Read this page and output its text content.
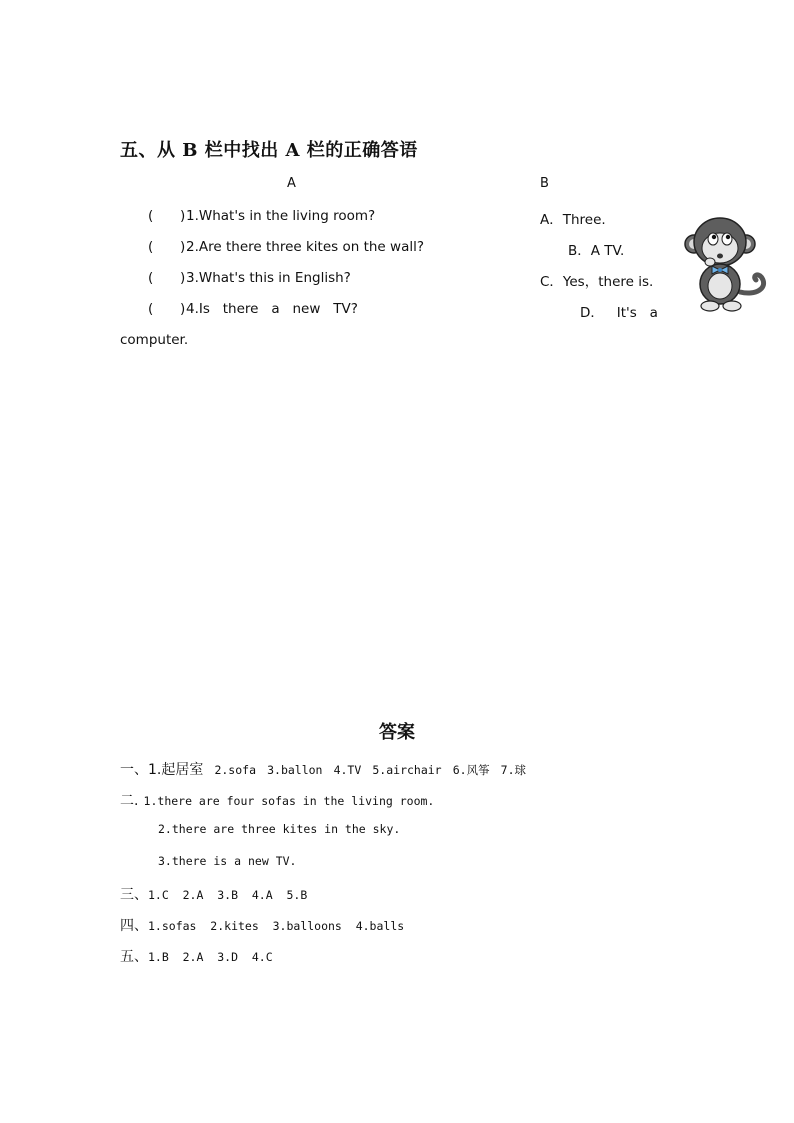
五、从 B 栏中找出 A 栏的正确答语
A	B
( ) 1.What's in the living room?	A．Three.
( ) 2.Are there three kites on the wall?	B．A TV.
( ) 3.What's this in English?	C．Yes，there is.
( ) 4.Is   there   a   new   TV?	D．   It's   a
computer.
答案
一、1.起居室 2.sofa 3.ballon 4.TV 5.airchair 6.风筝 7.球
二. 1.there are four sofas in the living room.
2.there are three kites in the sky.
3.there is a new TV.
三、1.C  2.A  3.B  4.A  5.B
四、1.sofas  2.kites  3.balloons  4.balls
五、1.B  2.A  3.D  4.C
